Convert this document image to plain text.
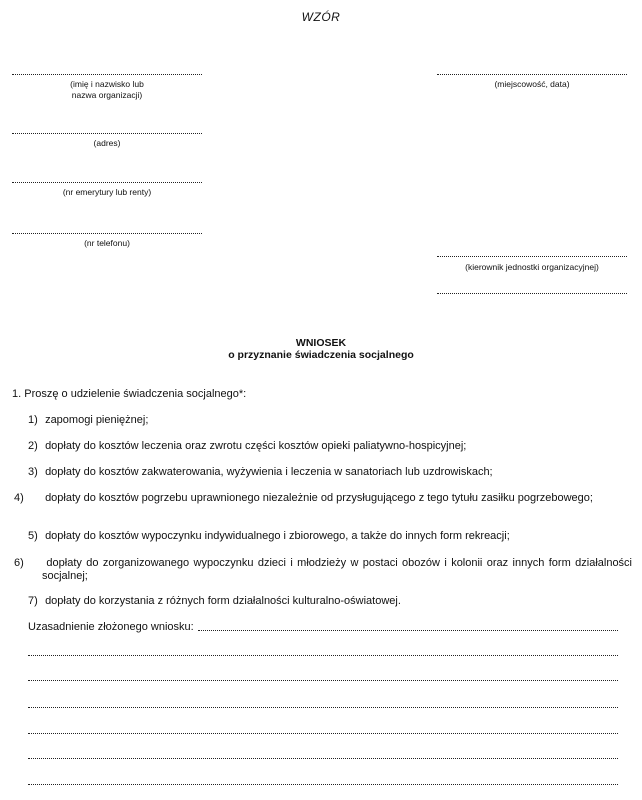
WZÓR
(imię i nazwisko lub
nazwa organizacji)
(adres)
(nr emerytury lub renty)
(nr telefonu)
(miejscowość, data)
(kierownik jednostki organizacyjnej)
WNIOSEK
o przyznanie świadczenia socjalnego
1. Proszę o udzielenie świadczenia socjalnego*:
1) zapomogi pieniężnej;
2) dopłaty do kosztów leczenia oraz zwrotu części kosztów opieki paliatywno-hospicyjnej;
3) dopłaty do kosztów zakwaterowania, wyżywienia i leczenia w sanatoriach lub uzdrowiskach;
4) dopłaty do kosztów pogrzebu uprawnionego niezależnie od przysługującego z tego tytułu zasiłku pogrzebowego;
5) dopłaty do kosztów wypoczynku indywidualnego i zbiorowego, a także do innych form rekreacji;
6) dopłaty do zorganizowanego wypoczynku dzieci i młodzieży w postaci obozów i kolonii oraz innych form działalności socjalnej;
7) dopłaty do korzystania z różnych form działalności kulturalno-oświatowej.
Uzasadnienie złożonego wniosku:
